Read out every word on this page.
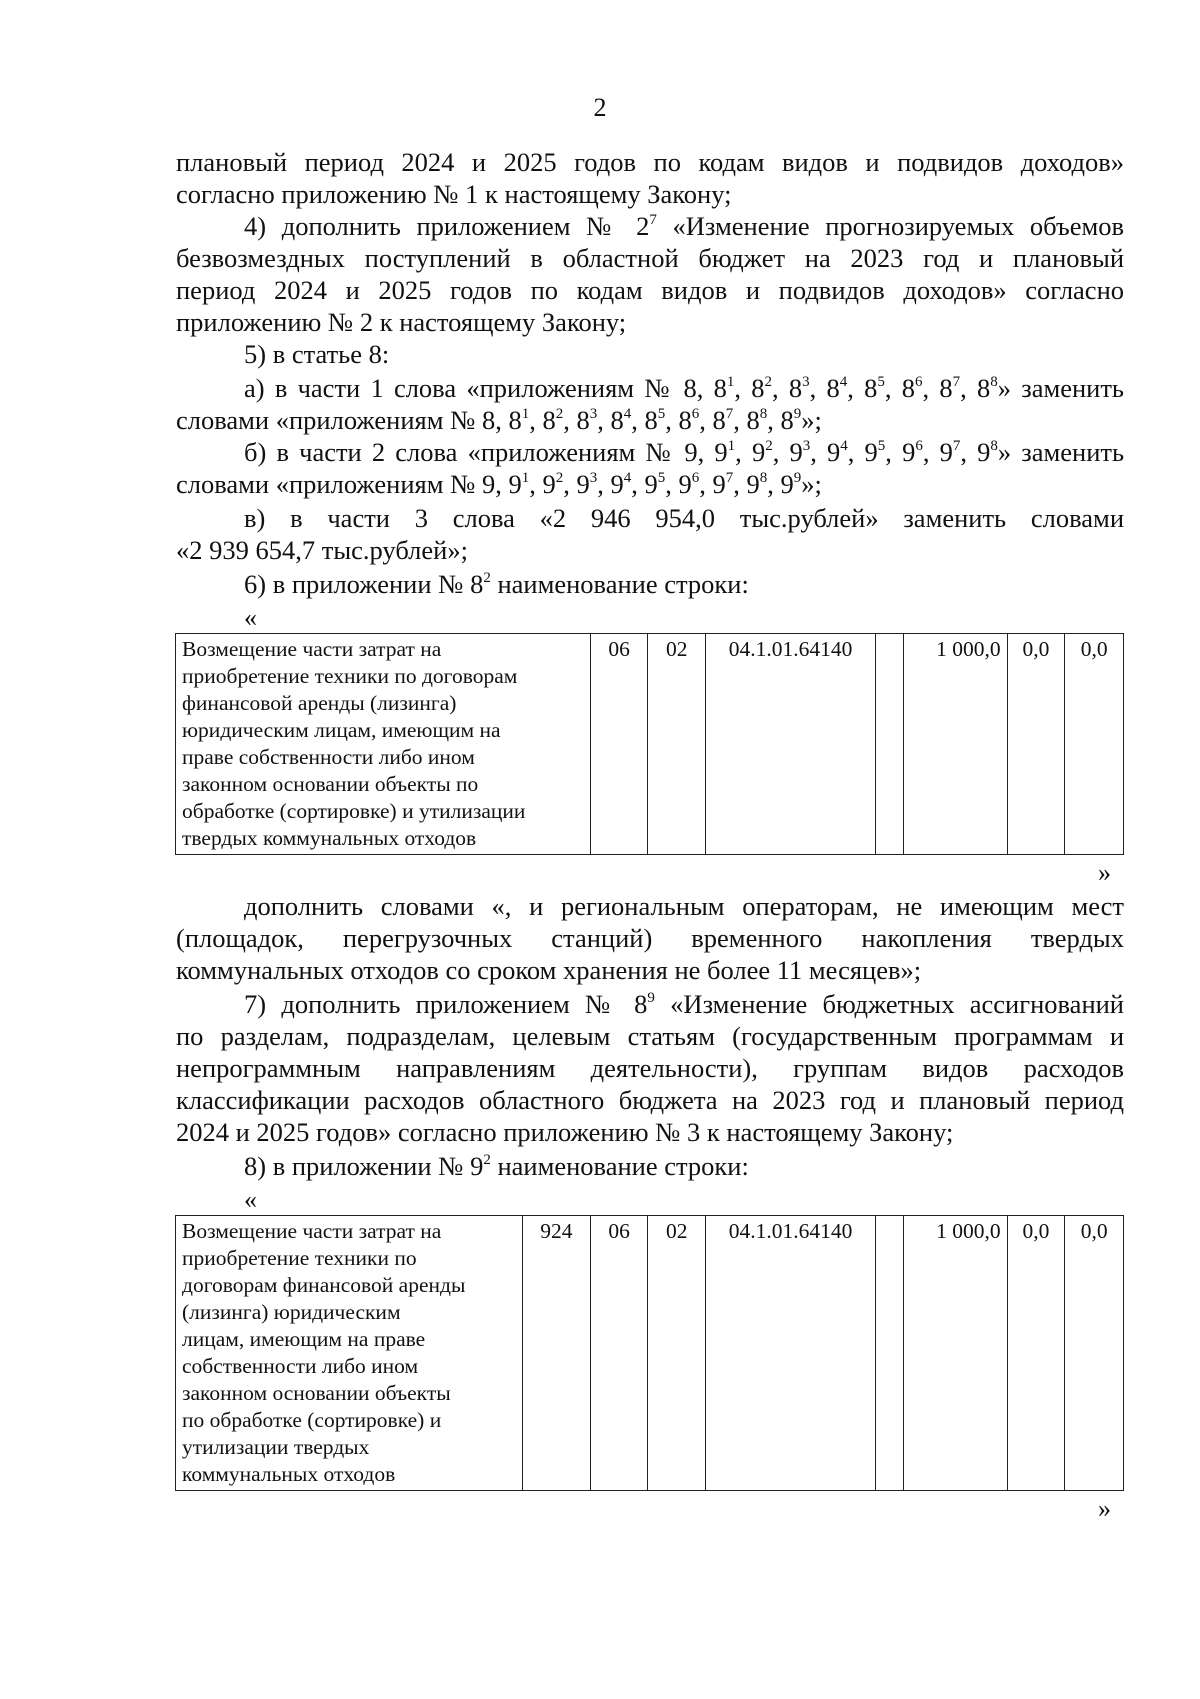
2
плановый период 2024 и 2025 годов по кодам видов и подвидов доходов»
согласно приложению № 1 к настоящему Закону;
4) дополнить приложением № $2^7$ «Изменение прогнозируемых объемов
безвозмездных поступлений в областной бюджет на 2023 год и плановый
период 2024 и 2025 годов по кодам видов и подвидов доходов» согласно
приложению № 2 к настоящему Закону;
5) в статье 8:
а) в части 1 слова «приложениям № 8, $8^1$, $8^2$, $8^3$, $8^4$, $8^5$, $8^6$, $8^7$, $8^8$» заменить
словами «приложениям № 8, $8^1$, $8^2$, $8^3$, $8^4$, $8^5$, $8^6$, $8^7$, $8^8$, $8^9$»;
б) в части 2 слова «приложениям № 9, $9^1$, $9^2$, $9^3$, $9^4$, $9^5$, $9^6$, $9^7$, $9^8$» заменить
словами «приложениям № 9, $9^1$, $9^2$, $9^3$, $9^4$, $9^5$, $9^6$, $9^7$, $9^8$, $9^9$»;
в) в части 3 слова «2 946 954,0 тыс.рублей» заменить словами
«2 939 654,7 тыс.рублей»;
6) в приложении № $8^2$ наименование строки:
«
Возмещение части затрат на
приобретение техники по договорам
финансовой аренды (лизинга)
юридическим лицам, имеющим на
праве собственности либо ином
законном основании объекты по
обработке (сортировке) и утилизации
твердых коммунальных отходов
	06	02	04.1.01.64140		1 000,0	0,0	0,0
»
дополнить словами «, и региональным операторам, не имеющим мест
(площадок, перегрузочных станций) временного накопления твердых
коммунальных отходов со сроком хранения не более 11 месяцев»;
7) дополнить приложением № $8^9$ «Изменение бюджетных ассигнований
по разделам, подразделам, целевым статьям (государственным программам и
непрограммным направлениям деятельности), группам видов расходов
классификации расходов областного бюджета на 2023 год и плановый период
2024 и 2025 годов» согласно приложению № 3 к настоящему Закону;
8) в приложении № $9^2$ наименование строки:
«
Возмещение части затрат на
приобретение техники по
договорам финансовой аренды
(лизинга) юридическим
лицам, имеющим на праве
собственности либо ином
законном основании объекты
по обработке (сортировке) и
утилизации твердых
коммунальных отходов
	924	06	02	04.1.01.64140		1 000,0	0,0	0,0
»
